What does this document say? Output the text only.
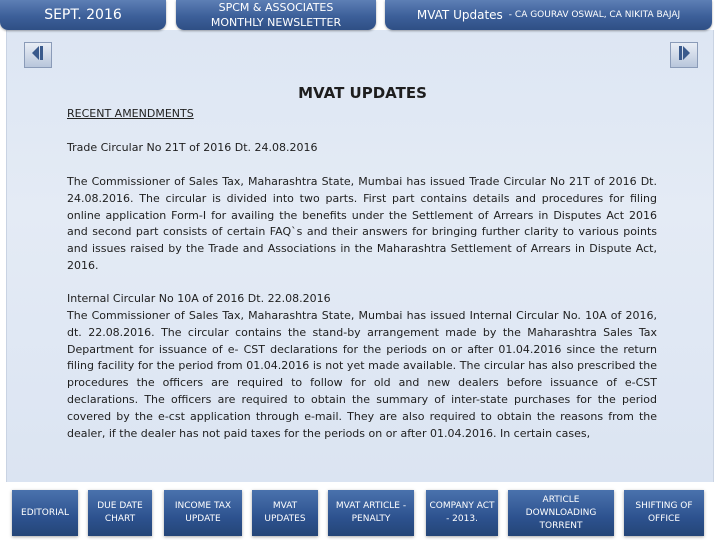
SEPT. 2016	SPCM & ASSOCIATES
MONTHLY NEWSLETTER
MVAT Updates - CA GOURAV OSWAL, CA NIKITA BAJAJ
MVAT UPDATES
RECENT AMENDMENTS
Trade Circular No 21T of 2016 Dt. 24.08.2016
The Commissioner of Sales Tax, Maharashtra State, Mumbai has issued Trade Circular No 21T of 2016 Dt. 24.08.2016. The circular is divided into two parts. First part contains details and procedures for filing online application Form-I for availing the benefits under the Settlement of Arrears in Disputes Act 2016 and second part consists of certain FAQ`s and their answers for bringing further clarity to various points and issues raised by the Trade and Associations in the Maharashtra Settlement of Arrears in Dispute Act, 2016.
Internal Circular No 10A of 2016 Dt. 22.08.2016
The Commissioner of Sales Tax, Maharashtra State, Mumbai has issued Internal Circular No. 10A of 2016, dt. 22.08.2016. The circular contains the stand-by arrangement made by the Maharashtra Sales Tax Department for issuance of e- CST declarations for the periods on or after 01.04.2016 since the return filing facility for the period from 01.04.2016 is not yet made available. The circular has also prescribed the procedures the officers are required to follow for old and new dealers before issuance of e-CST declarations. The officers are required to obtain the summary of inter-state purchases for the period covered by the e-cst application through e-mail. They are also required to obtain the reasons from the dealer, if the dealer has not paid taxes for the periods on or after 01.04.2016. In certain cases,
EDITORIAL
DUE DATE CHART
INCOME TAX UPDATE
MVAT UPDATES
MVAT ARTICLE - PENALTY
COMPANY ACT - 2013.
ARTICLE DOWNLOADING TORRENT
SHIFTING OF OFFICE
